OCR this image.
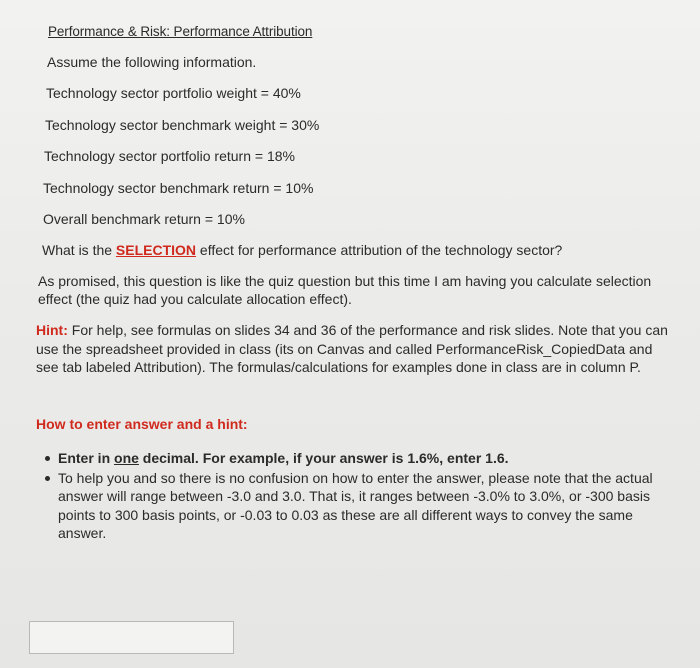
Performance & Risk: Performance Attribution
Assume the following information.
Technology sector portfolio weight = 40%
Technology sector benchmark weight = 30%
Technology sector portfolio return = 18%
Technology sector benchmark return = 10%
Overall benchmark return = 10%
What is the SELECTION effect for performance attribution of the technology sector?

As promised, this question is like the quiz question but this time I am having you calculate selection effect (the quiz had you calculate allocation effect).

Hint: For help, see formulas on slides 34 and 36 of the performance and risk slides. Note that you can use the spreadsheet provided in class (its on Canvas and called PerformanceRisk_CopiedData and see tab labeled Attribution). The formulas/calculations for examples done in class are in column P.

How to enter answer and a hint:

Enter in one decimal. For example, if your answer is 1.6%, enter 1.6.
To help you and so there is no confusion on how to enter the answer, please note that the actual answer will range between -3.0 and 3.0. That is, it ranges between -3.0% to 3.0%, or -300 basis points to 300 basis points, or -0.03 to 0.03 as these are all different ways to convey the same answer.
